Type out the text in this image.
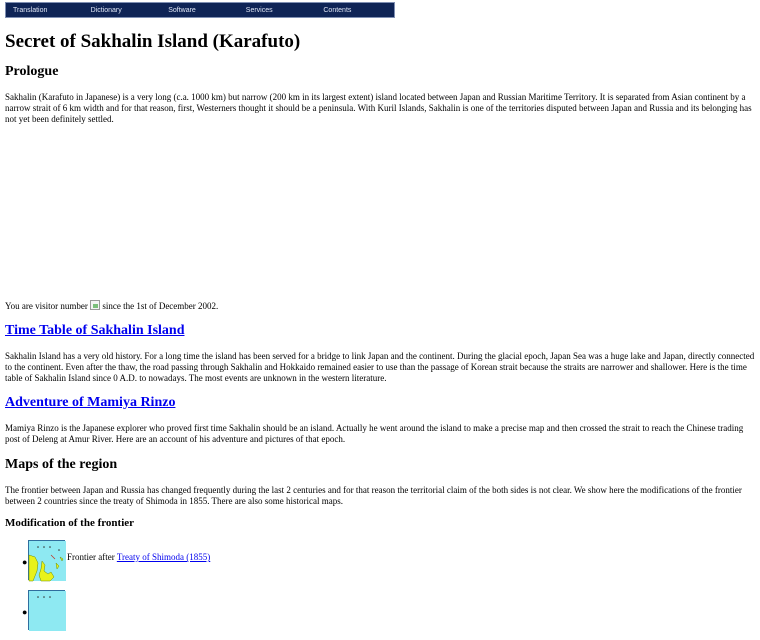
Translation	Dictionary	Software	Services	Contents
Secret of Sakhalin Island (Karafuto)
Prologue

Sakhalin (Karafuto in Japanese) is a very long (c.a. 1000 km) but narrow (200 km in its largest extent) island located between Japan and Russian Maritime Territory. It is separated from Asian continent by a narrow strait of 6 km width and for that reason, first, Westerners thought it should be a peninsula. With Kuril Islands, Sakhalin is one of the territories disputed between Japan and Russia and its belonging has not yet been definitely settled.

You are visitor number since the 1st of December 2002.
Time Table of Sakhalin Island

Sakhalin Island has a very old history. For a long time the island has been served for a bridge to link Japan and the continent. During the glacial epoch, Japan Sea was a huge lake and Japan, directly connected to the continent. Even after the thaw, the road passing through Sakhalin and Hokkaido remained easier to use than the passage of Korean strait because the straits are narrower and shallower. Here is the time table of Sakhalin Island since 0 A.D. to nowadays. The most events are unknown in the western literature.

Adventure of Mamiya Rinzo

Mamiya Rinzo is the Japanese explorer who proved first time Sakhalin should be an island. Actually he went around the island to make a precise map and then crossed the strait to reach the Chinese trading post of Deleng at Amur River. Here are an account of his adventure and pictures of that epoch.

Maps of the region

The frontier between Japan and Russia has changed frequently during the last 2 centuries and for that reason the territorial claim of the both sides is not clear. We show here the modifications of the frontier between 2 countries since the treaty of Shimoda in 1855. There are also some historical maps.

Modification of the frontier
●	Frontier after Treaty of Shimoda (1855)
●
